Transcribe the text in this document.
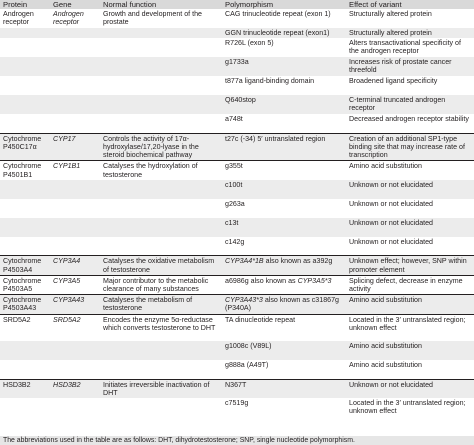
Protein	Gene	Normal function	Polymorphism	Effect of variant
Androgen receptor	Androgen receptor	Growth and development of the prostate	CAG trinucleotide repeat (exon 1)	Structurally altered protein
			GGN trinucleotide repeat (exon1)	Structurally altered protein
			R726L (exon 5)	Alters transactivational specificity of the androgen receptor
			g1733a	Increases risk of prostate cancer threefold
			t877a ligand-binding domain	Broadened ligand specificity
			Q640stop	C-terminal truncated androgen receptor
			a748t	Decreased androgen receptor stability
Cytochrome P450C17α	CYP17	Controls the activity of 17α-hydroxylase/17,20-lyase in the steroid biochemical pathway	t27c (-34) 5′ untranslated region	Creation of an additional SP1-type binding site that may increase rate of transcription
Cytochrome P4501B1	CYP1B1	Catalyses the hydroxylation of testosterone	g355t	Amino acid substitution
			c100t	Unknown or not elucidated
			g263a	Unknown or not elucidated
			c13t	Unknown or not elucidated
			c142g	Unknown or not elucidated
Cytochrome P4503A4	CYP3A4	Catalyses the oxidative metabolism of testosterone	CYP3A4*1B also known as a392g	Unknown effect; however, SNP within promoter element
Cytochrome P4503A5	CYP3A5	Major contributor to the metabolic clearance of many substances	a6986g also known as CYP3A5*3	Splicing defect, decrease in enzyme activity
Cytochrome P4503A43	CYP3A43	Catalyses the metabolism of testosterone	CYP3A43*3 also known as c31867g (P340A)	Amino acid substitution
SRD5A2	SRD5A2	Encodes the enzyme 5α-reductase which converts testosterone to DHT	TA dinucleotide repeat	Located in the 3′ untranslated region; unknown effect
			g1008c (V89L)	Amino acid substitution
			g888a (A49T)	Amino acid substitution
HSD3B2	HSD3B2	Initiates irreversible inactivation of DHT	N367T	Unknown or not elucidated
			c7519g	Located in the 3′ untranslated region; unknown effect
The abbreviations used in the table are as follows: DHT, dihydrotestosterone; SNP, single nucleotide polymorphism.
